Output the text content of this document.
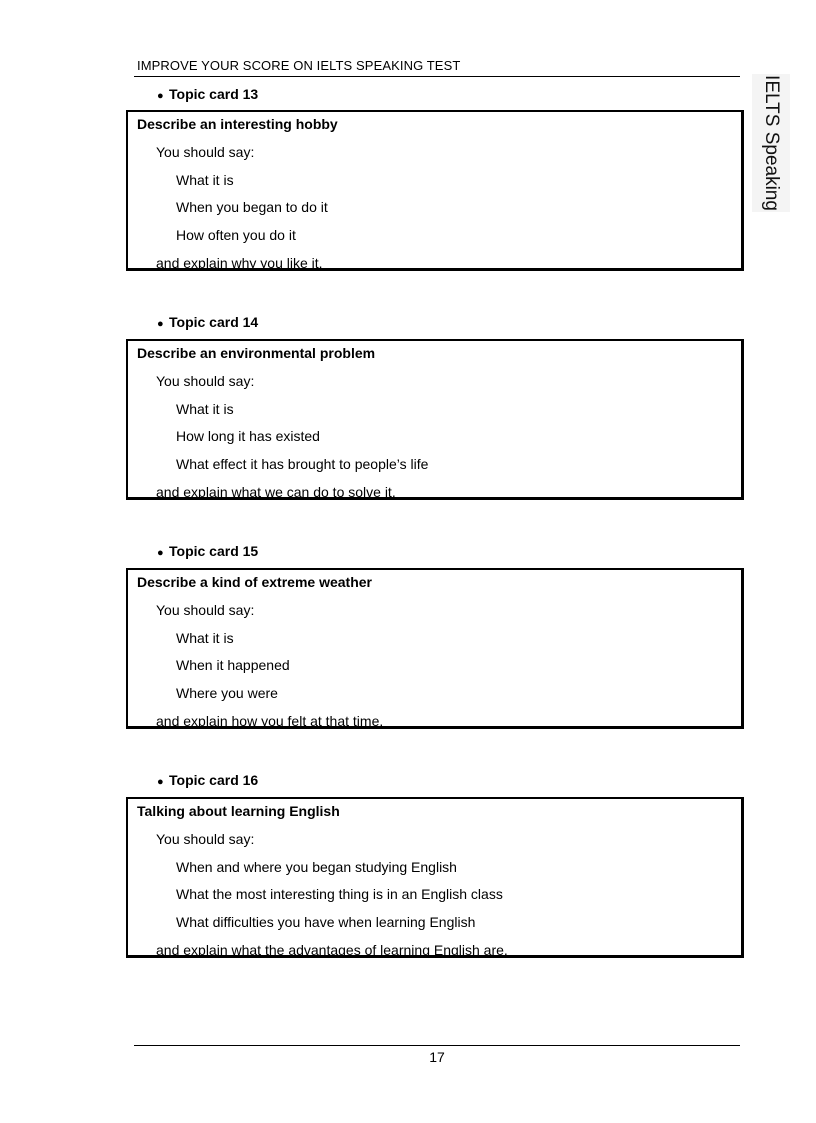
IMPROVE YOUR SCORE ON IELTS SPEAKING TEST
IELTS Speaking
● Topic card 13
Describe an interesting hobby
You should say:
What it is
When you began to do it
How often you do it
and explain why you like it.
● Topic card 14
Describe an environmental problem
You should say:
What it is
How long it has existed
What effect it has brought to people’s life
and explain what we can do to solve it.
● Topic card 15
Describe a kind of extreme weather
You should say:
What it is
When it happened
Where you were
and explain how you felt at that time.
● Topic card 16
Talking about learning English
You should say:
When and where you began studying English
What the most interesting thing is in an English class
What difficulties you have when learning English
and explain what the advantages of learning English are.
17
